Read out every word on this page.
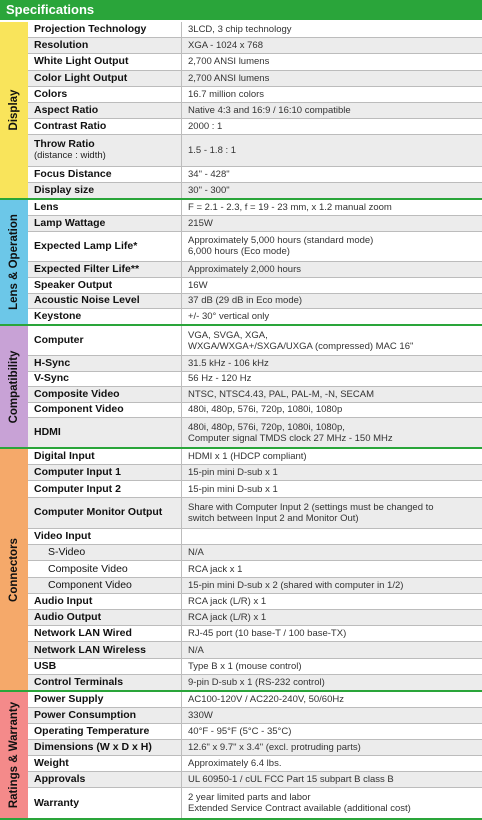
Specifications
Display
Projection Technology	3LCD, 3 chip technology
Resolution	XGA - 1024 x 768
White Light Output	2,700 ANSI lumens
Color Light Output	2,700 ANSI lumens
Colors	16.7 million colors
Aspect Ratio	Native 4:3 and 16:9 / 16:10 compatible
Contrast Ratio	2000 : 1
Throw Ratio
(distance : width)	1.5 - 1.8 : 1
Focus Distance	34" - 428"
Display size	30" - 300"
Lens & Operation
Lens	F = 2.1 - 2.3, f = 19 - 23 mm, x 1.2 manual zoom
Lamp Wattage	215W
Expected Lamp Life*	Approximately 5,000 hours (standard mode)
6,000 hours (Eco mode)
Expected Filter Life**	Approximately 2,000 hours
Speaker Output	16W
Acoustic Noise Level	37 dB (29 dB in Eco mode)
Keystone	+/- 30° vertical only
Compatibility
Computer	VGA, SVGA, XGA,
WXGA/WXGA+/SXGA/UXGA (compressed) MAC 16"
H-Sync	31.5 kHz - 106 kHz
V-Sync	56 Hz - 120 Hz
Composite Video	NTSC, NTSC4.43, PAL, PAL-M, -N, SECAM
Component Video	480i, 480p, 576i, 720p, 1080i, 1080p
HDMI	480i, 480p, 576i, 720p, 1080i, 1080p,
Computer signal TMDS clock 27 MHz - 150 MHz
Connectors
Digital Input	HDMI x 1 (HDCP compliant)
Computer Input 1	15-pin mini D-sub x 1
Computer Input 2	15-pin mini D-sub x 1
Computer Monitor Output	Share with Computer Input 2 (settings must be changed to
switch between Input 2 and Monitor Out)
Video Input
S-Video	N/A
Composite Video	RCA jack x 1
Component Video	15-pin mini D-sub x 2 (shared with computer in 1/2)
Audio Input	RCA jack (L/R) x 1
Audio Output	RCA jack (L/R) x 1
Network LAN Wired	RJ-45 port (10 base-T / 100 base-TX)
Network LAN Wireless	N/A
USB	Type B x 1 (mouse control)
Control Terminals	9-pin D-sub x 1 (RS-232 control)
Ratings & Warranty
Power Supply	AC100-120V / AC220-240V, 50/60Hz
Power Consumption	330W
Operating Temperature	40°F - 95°F (5°C - 35°C)
Dimensions (W x D x H)	12.6" x 9.7" x 3.4" (excl. protruding parts)
Weight	Approximately 6.4 lbs.
Approvals	UL 60950-1 / cUL FCC Part 15 subpart B class B
Warranty	2 year limited parts and labor
Extended Service Contract available (additional cost)
